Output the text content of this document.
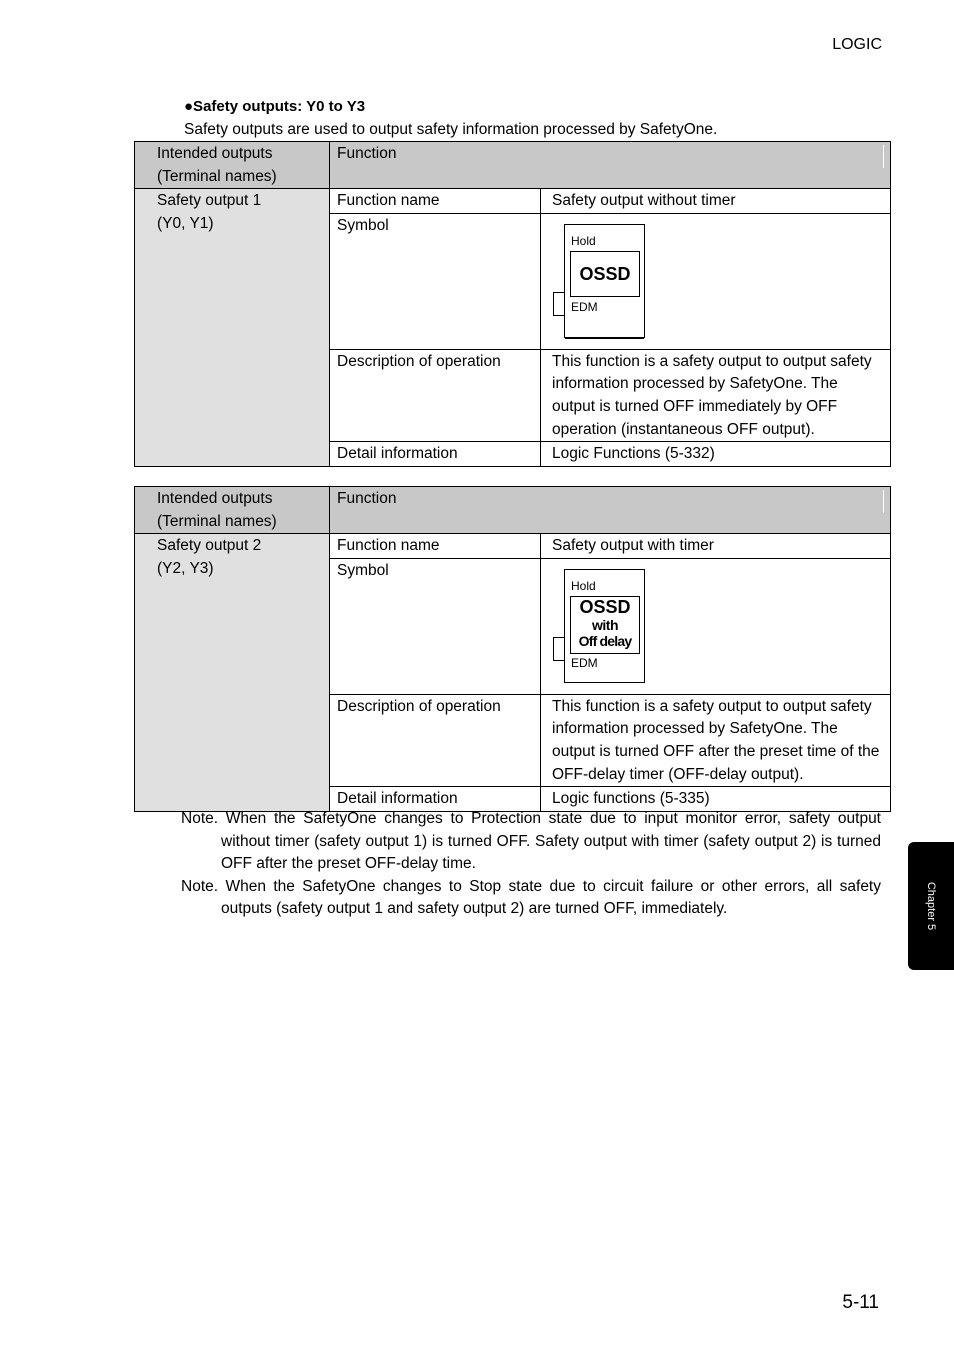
LOGIC
●Safety outputs: Y0 to Y3
Safety outputs are used to output safety information processed by SafetyOne.
Intended outputs
(Terminal names)	Function	

Safety output 1
(Y0, Y1)	Function name	Safety output without timer
	Symbol	Hold
OSSD
EDM

	Description of operation	This function is a safety output to output safety information processed by SafetyOne. The output is turned OFF immediately by OFF operation (instantaneous OFF output).
	Detail information	Logic Functions (5-332)
Intended outputs
(Terminal names)	Function	

Safety output 2
(Y2, Y3)	Function name	Safety output with timer
	Symbol	Hold
OSSD
with
Off delay
EDM

	Description of operation	This function is a safety output to output safety information processed by SafetyOne. The output is turned OFF after the preset time of the OFF-delay timer (OFF-delay output).
	Detail information	Logic functions (5-335)
Note. When the SafetyOne changes to Protection state due to input monitor error, safety output without timer (safety output 1) is turned OFF. Safety output with timer (safety output 2) is turned OFF after the preset OFF-delay time.
Note. When the SafetyOne changes to Stop state due to circuit failure or other errors, all safety outputs (safety output 1 and safety output 2) are turned OFF, immediately.	Chapter 5
5-11
